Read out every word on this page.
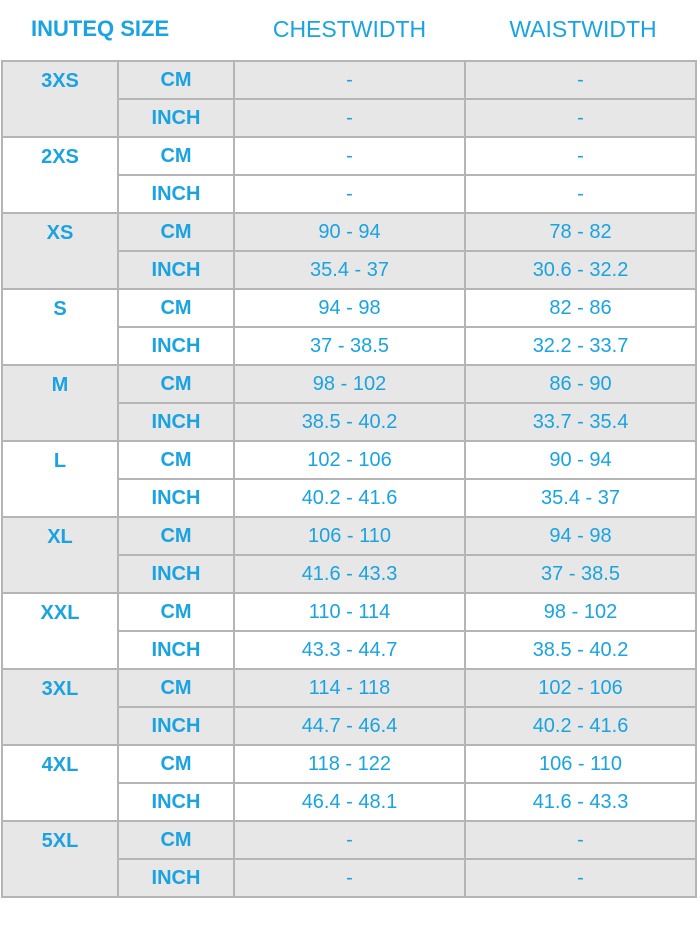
INUTEQ SIZE	CHESTWIDTH	WAISTWIDTH
3XS	CM	-	-
	INCH	-	-
2XS	CM	-	-
	INCH	-	-
XS	CM	90 - 94	78 - 82
	INCH	35.4 - 37	30.6 - 32.2
S	CM	94 - 98	82 - 86
	INCH	37 - 38.5	32.2 - 33.7
M	CM	98 - 102	86 - 90
	INCH	38.5 - 40.2	33.7 - 35.4
L	CM	102 - 106	90 - 94
	INCH	40.2 - 41.6	35.4 - 37
XL	CM	106 - 110	94 - 98
	INCH	41.6 - 43.3	37 - 38.5
XXL	CM	110 - 114	98 - 102
	INCH	43.3 - 44.7	38.5 - 40.2
3XL	CM	114 - 118	102 - 106
	INCH	44.7 - 46.4	40.2 - 41.6
4XL	CM	118 - 122	106 - 110
	INCH	46.4 - 48.1	41.6 - 43.3
5XL	CM	-	-
	INCH	-	-
